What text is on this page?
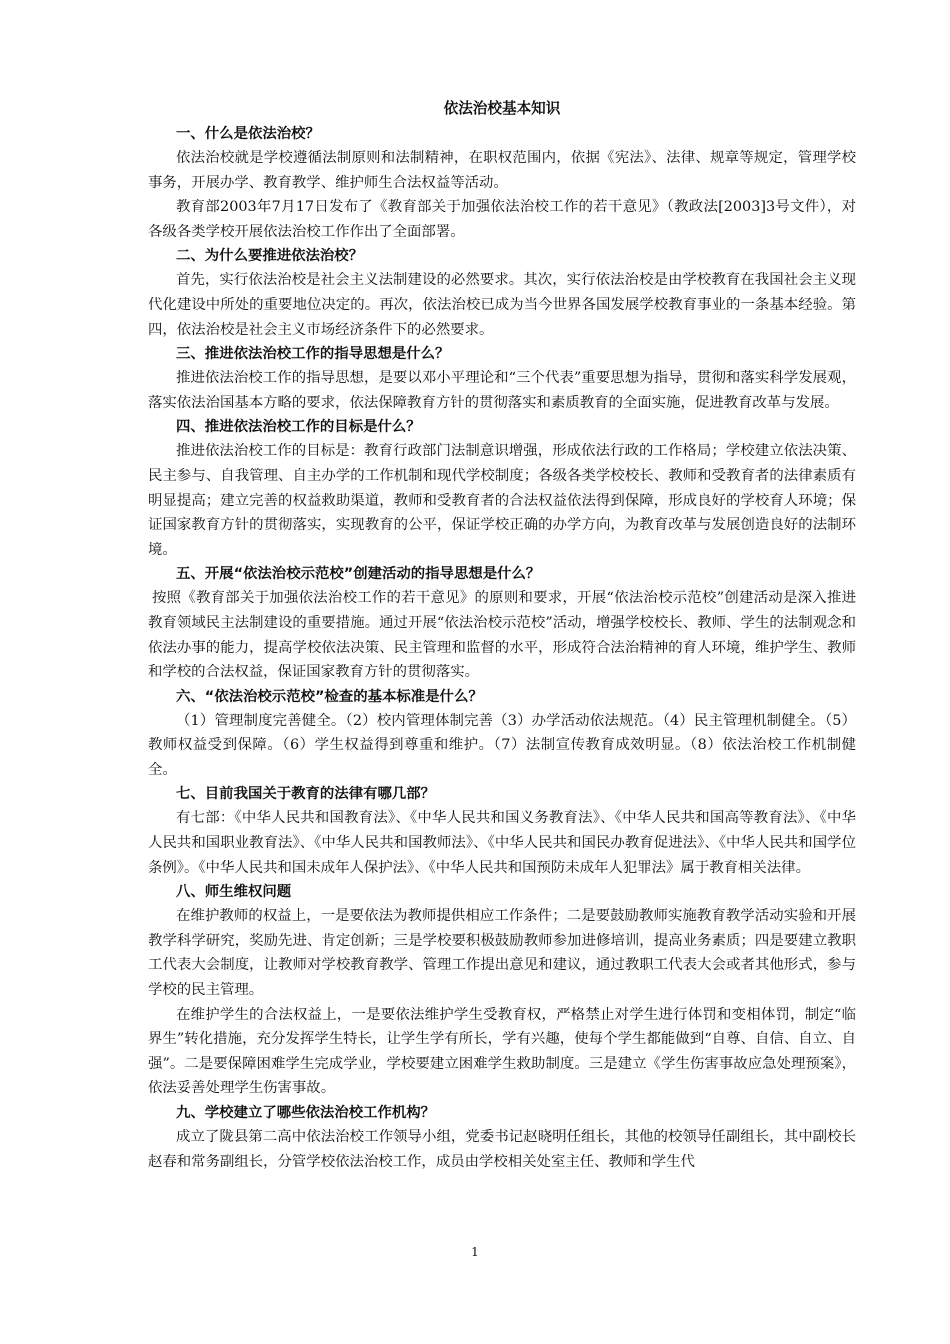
依法治校基本知识

一、什么是依法治校？

依法治校就是学校遵循法制原则和法制精神，在职权范围内，依据《宪法》、法律、规章等规定，管理学校事务，开展办学、教育教学、维护师生合法权益等活动。

教育部2003年7月17日发布了《教育部关于加强依法治校工作的若干意见》（教政法[2003]3号文件），对各级各类学校开展依法治校工作作出了全面部署。

二、为什么要推进依法治校？

首先，实行依法治校是社会主义法制建设的必然要求。其次，实行依法治校是由学校教育在我国社会主义现代化建设中所处的重要地位决定的。再次，依法治校已成为当今世界各国发展学校教育事业的一条基本经验。第四，依法治校是社会主义市场经济条件下的必然要求。

三、推进依法治校工作的指导思想是什么？

推进依法治校工作的指导思想，是要以邓小平理论和“三个代表”重要思想为指导，贯彻和落实科学发展观，落实依法治国基本方略的要求，依法保障教育方针的贯彻落实和素质教育的全面实施，促进教育改革与发展。

四、推进依法治校工作的目标是什么？

推进依法治校工作的目标是：教育行政部门法制意识增强，形成依法行政的工作格局；学校建立依法决策、民主参与、自我管理、自主办学的工作机制和现代学校制度；各级各类学校校长、教师和受教育者的法律素质有明显提高；建立完善的权益救助渠道，教师和受教育者的合法权益依法得到保障，形成良好的学校育人环境；保证国家教育方针的贯彻落实，实现教育的公平，保证学校正确的办学方向，为教育改革与发展创造良好的法制环境。

五、开展“依法治校示范校”创建活动的指导思想是什么？

按照《教育部关于加强依法治校工作的若干意见》的原则和要求，开展“依法治校示范校”创建活动是深入推进教育领域民主法制建设的重要措施。通过开展“依法治校示范校”活动，增强学校校长、教师、学生的法制观念和依法办事的能力，提高学校依法决策、民主管理和监督的水平，形成符合法治精神的育人环境，维护学生、教师和学校的合法权益，保证国家教育方针的贯彻落实。

六、“依法治校示范校”检查的基本标准是什么？

（1）管理制度完善健全。（2）校内管理体制完善（3）办学活动依法规范。（4）民主管理机制健全。（5）教师权益受到保障。（6）学生权益得到尊重和维护。（7）法制宣传教育成效明显。（8）依法治校工作机制健全。

七、目前我国关于教育的法律有哪几部？

有七部：《中华人民共和国教育法》、《中华人民共和国义务教育法》、《中华人民共和国高等教育法》、《中华人民共和国职业教育法》、《中华人民共和国教师法》、《中华人民共和国民办教育促进法》、《中华人民共和国学位条例》。《中华人民共和国未成年人保护法》、《中华人民共和国预防未成年人犯罪法》属于教育相关法律。

八、师生维权问题

在维护教师的权益上，一是要依法为教师提供相应工作条件；二是要鼓励教师实施教育教学活动实验和开展教学科学研究，奖励先进、肯定创新；三是学校要积极鼓励教师参加进修培训，提高业务素质；四是要建立教职工代表大会制度，让教师对学校教育教学、管理工作提出意见和建议，通过教职工代表大会或者其他形式，参与学校的民主管理。

在维护学生的合法权益上，一是要依法维护学生受教育权，严格禁止对学生进行体罚和变相体罚，制定“临界生”转化措施，充分发挥学生特长，让学生学有所长，学有兴趣，使每个学生都能做到“自尊、自信、自立、自强”。二是要保障困难学生完成学业，学校要建立困难学生救助制度。三是建立《学生伤害事故应急处理预案》，依法妥善处理学生伤害事故。

九、学校建立了哪些依法治校工作机构？

成立了陇县第二高中依法治校工作领导小组，党委书记赵晓明任组长，其他的校领导任副组长，其中副校长赵春和常务副组长，分管学校依法治校工作，成员由学校相关处室主任、教师和学生代

1
